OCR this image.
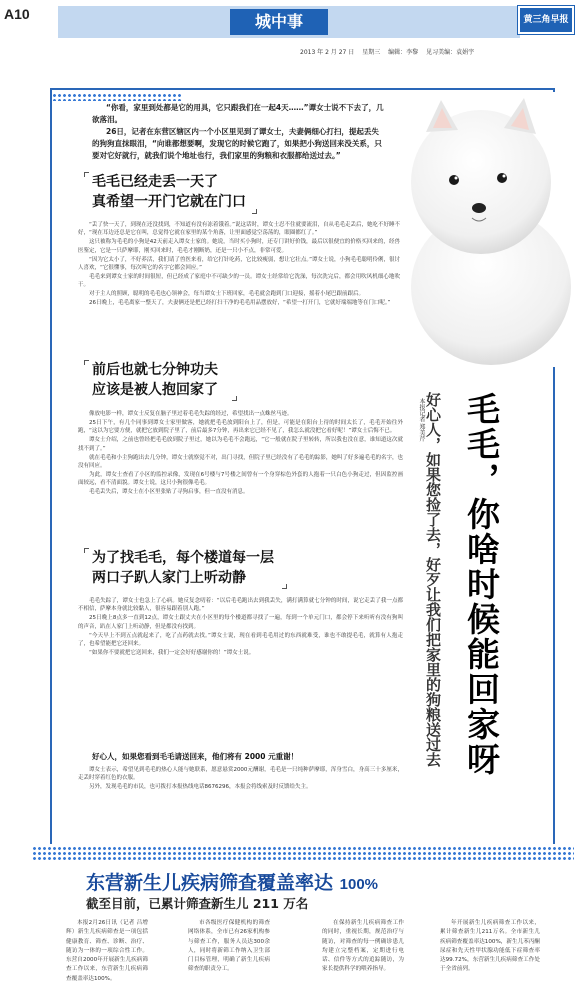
A10	城中事	黄三角早报
2013 年 2 月 27 日 星期三 编辑：李黎 见习美编：袁娟宇

“你看，家里到处都是它的用具，它只跟我们在一起4天……”谭女士说不下去了，几欲落泪。

26日，记者在东营区辖区内一个小区里见到了谭女士，夫妻俩细心打扫，提起丢失的狗狗直抹眼泪，“向谁都想要啊，发现它的时候它跑了，如果把小狗送回来没关系，只要对它好就行，就我们说个地址也行，我们家里的狗粮和衣服都给送过去。”

毛毛已经走丢一天了
真希望一开门它就在门口

“丢了快一天了，到现在还没找到，不知道有没有冻着饿着。”说这话时，谭女士忍不住就要流泪，自从毛毛走丢后，她吃不好睡不好，“现在耳边还总是它在叫，总觉得它就在家里的某个角落，让里面感觉空荡荡的，眼圈都红了。”

这只被称为毛毛的小狗是42天前走入谭女士家的。她说，当时买小狗时，还专门讲好价钱，最后以很便宜的价格买回来的，经兽医鉴定，它是一只萨摩耶，刚买回来时，毛毛才刚断奶，还是一只小不点，非常可爱。

“因为它太小了，不好养活，我们请了兽医来看，给它打针吃药，它比较瘦弱，想让它壮点。”谭女士说，小狗毛毛聪明伶俐，很讨人喜欢，“它很懂事，每次叫它的名字它都会回应。”

毛毛来到谭女士家的时间很短，但已经成了家庭中不可缺少的一员。谭女士经常给它洗澡，每次洗完后，都会用吹风机细心地吹干。

对于主人的照顾，聪明的毛毛也心领神会，每当谭女士下班回家，毛毛就会跑到门口迎接，摇着小尾巴跟前跟后。

26日晚上，毛毛离家一整天了，夫妻俩还是把已经打扫干净的毛毛用品摆放好，“希望一打开门，它就好端端地等在门口呢。”

前后也就七分钟功夫
应该是被人抱回家了

像放电影一样，谭女士反复在脑子里过着毛毛失踪的经过，希望找出一点蛛丝马迹。

25日下午，有几个同事到谭女士家里做客，她就把毛毛放到阳台上了，但是，可能是在阳台上待的时间太长了，毛毛开始往外跑，“这以为它要方便，就把它放到院子里了，前后最多7分钟，再出来它已经不见了，我怎么就没把它看好呢！”谭女士后悔不已。

谭女士介绍，之前也曾经把毛毛放到院子里过，她以为毛毛不会跑远，“它一般就在院子里转转，所以我也没在意，谁知道这次就找不到了。”

就在毛毛和小主狗跑出去几分钟，谭女士就察觉不对，出门寻找，但院子里已经没有了毛毛的踪影，她叫了好多遍毛毛的名字，也没有回应。

为此，谭女士查看了小区的监控录像，发现在6号楼与7号楼之间曾有一个身穿棕色外套的人抱着一只白色小狗走过，但因监控画面较远，看不清面貌。谭女士说，这只小狗很像毛毛。

毛毛丢失后，谭女士在小区里张贴了寻狗启事，但一直没有消息。

为了找毛毛，每个楼道每一层
两口子趴人家门上听动静

毛毛失踪了，谭女士也急上了心病。她反复念叨着：“以后毛毛跑出去到我丢失，满打满算就七分钟的时间，说它走丢了我一点都不相信，萨摩本身就比较黏人，很容易跟着别人跑。”

25日晚上8点多一直到12点，谭女士跟丈夫在小区里的每个楼道都寻找了一遍，每到一个单元门口，都会停下来听听有没有狗叫的声音，趴在人家门上听动静，但是都没有找到。

“今天早上不到五点就起来了，吃了点药就去找。”谭女士说，现在看到毛毛用过的东西就难受，谁也不敢提毛毛，就算有人抱走了，也希望能把它还回来。

“如果你不要就把它送回来，我们一定会好好感谢你的！”谭女士说。

好心人，如果您看到毛毛请送回来，他们将有 2000 元重谢！

谭女士表示，希望见到毛毛的热心人能与她联系，愿意悬赏2000元酬谢，毛毛是一只纯种萨摩耶，浑身雪白，身高三十多厘米，走丢时穿着红色的衣服。

另外，发现毛毛的市民，也可拨打本报热线电话8676296，本报会将线索及时反馈给失主。

本报记者 郑美芹 好心人，如果您捡了去，好歹让我们把家里的狗粮送过去 毛毛，你啥时候能回家呀
东营新生儿疾病筛查覆盖率达 100%
截至目前，已累计筛查新生儿 211 万名

本报2月26日讯（记者 吕增辉）新生儿疾病筛查是一项包括健康教育、筛查、诊断、治疗、随访为一体的一项综合性工作。东营自2000年开展新生儿疾病筛查工作以来，东营新生儿疾病筛查覆盖率达100%。

市各级医疗保健机构的筛查网络体系，全市已有26家机构参与筛查工作，服务人员达300余人，同时将新筛工作纳入卫生部门目标管理，明确了新生儿疾病筛查的职责分工。

在保持新生儿疾病筛查工作的同时，重视长期，规范治疗与随访，对筛查的每一例确诊患儿均建立完整档案，定期进行电话、信件等方式的追踪随访，为家长提供科学的喂养指导。

年开展新生儿疾病筛查工作以来，累计筛查新生儿211万名。全市新生儿疾病筛查覆盖率达100%，新生儿苯丙酮尿症和先天性甲状腺功能低下症筛查率达99.72%，东营新生儿疾病筛查工作处于全省前列。
